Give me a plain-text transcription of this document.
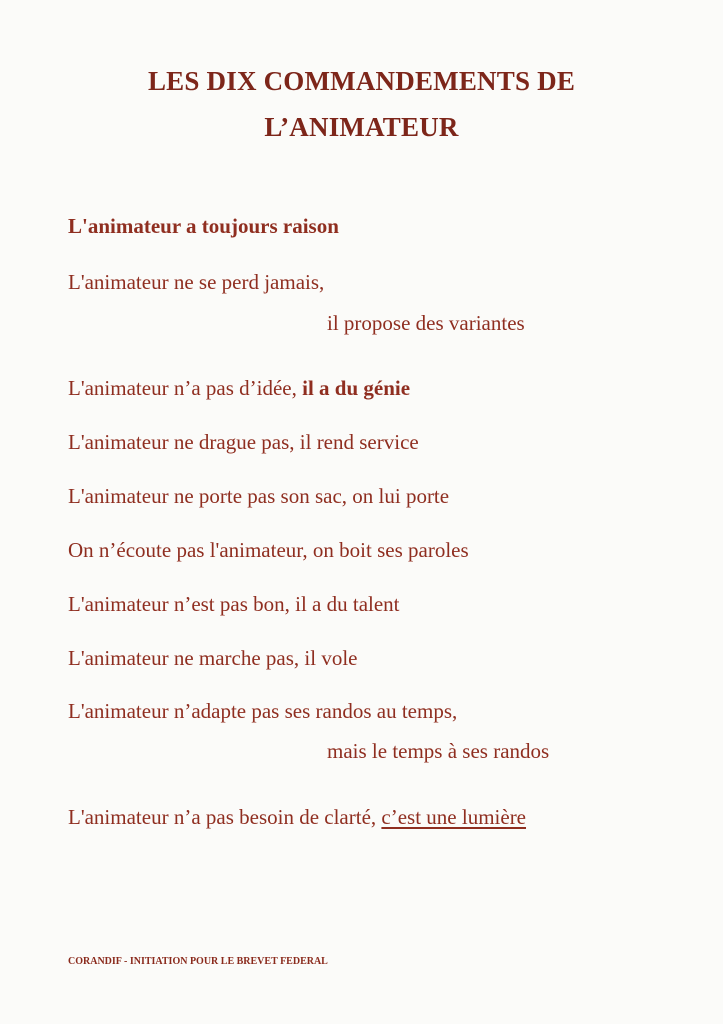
LES DIX COMMANDEMENTS DE
L’ANIMATEUR
L'animateur a toujours raison
L'animateur ne se perd jamais,
il propose des variantes
L'animateur n’a pas d’idée, il a du génie
L'animateur ne drague pas, il rend service
L'animateur ne porte pas son sac, on lui porte
On n’écoute pas l'animateur, on boit ses paroles
L'animateur n’est pas bon, il a du talent
L'animateur ne marche pas, il vole
L'animateur n’adapte pas ses randos au temps,
mais le temps à ses randos
L'animateur n’a pas besoin de clarté, c’est une lumière
CORANDIF - INITIATION POUR LE BREVET FEDERAL
